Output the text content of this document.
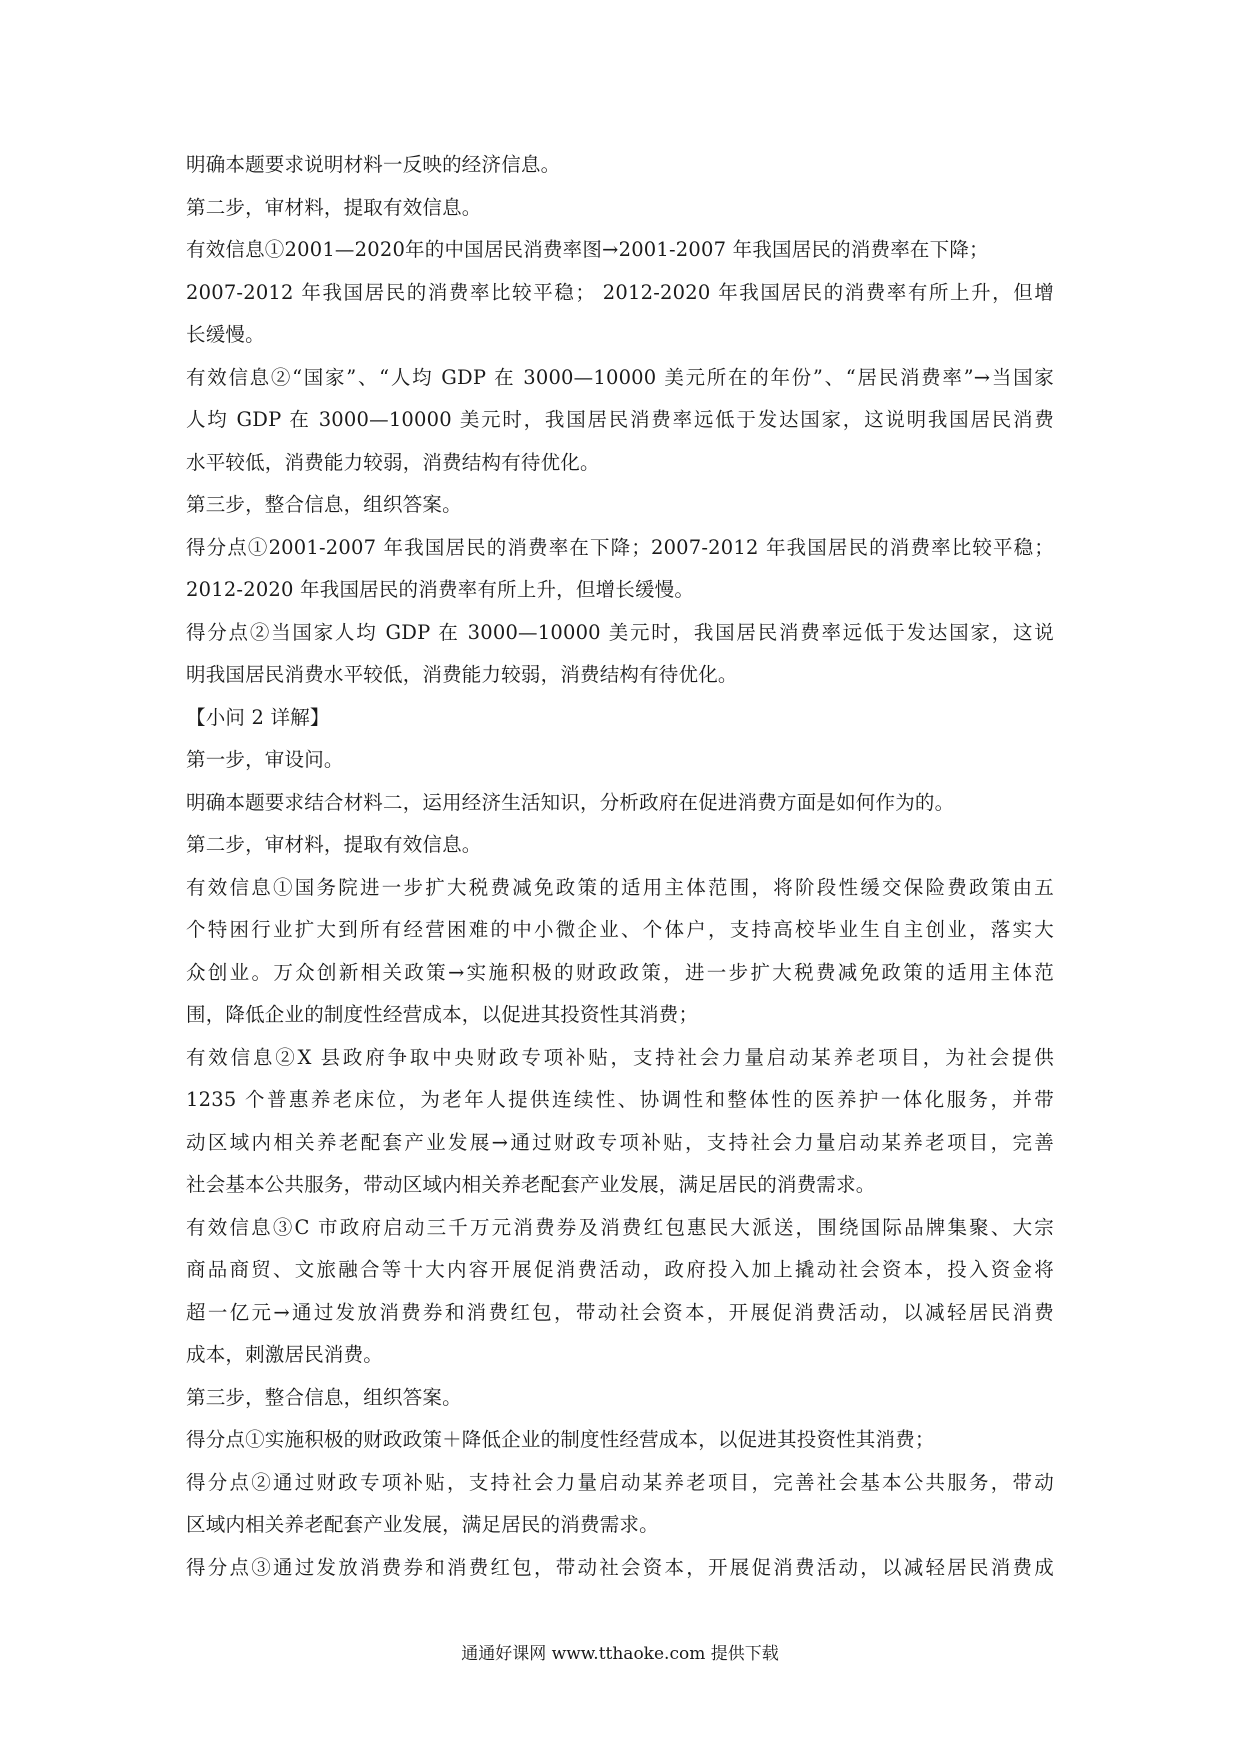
明确本题要求说明材料一反映的经济信息。
第二步，审材料，提取有效信息。
有效信息①2001—2020年的中国居民消费率图→2001-2007 年我国居民的消费率在下降；
2007-2012 年我国居民的消费率比较平稳； 2012-2020 年我国居民的消费率有所上升，但增
长缓慢。
有效信息②“国家”、“人均 GDP 在 3000—10000 美元所在的年份”、“居民消费率”→当国家
人均 GDP 在 3000—10000 美元时，我国居民消费率远低于发达国家，这说明我国居民消费
水平较低，消费能力较弱，消费结构有待优化。
第三步，整合信息，组织答案。
得分点①2001-2007 年我国居民的消费率在下降；2007-2012 年我国居民的消费率比较平稳；
2012-2020 年我国居民的消费率有所上升，但增长缓慢。
得分点②当国家人均 GDP 在 3000—10000 美元时，我国居民消费率远低于发达国家，这说
明我国居民消费水平较低，消费能力较弱，消费结构有待优化。
【小问 2 详解】
第一步，审设问。
明确本题要求结合材料二，运用经济生活知识，分析政府在促进消费方面是如何作为的。
第二步，审材料，提取有效信息。
有效信息①国务院进一步扩大税费减免政策的适用主体范围，将阶段性缓交保险费政策由五
个特困行业扩大到所有经营困难的中小微企业、个体户，支持高校毕业生自主创业，落实大
众创业。万众创新相关政策→实施积极的财政政策，进一步扩大税费减免政策的适用主体范
围，降低企业的制度性经营成本，以促进其投资性其消费；
有效信息②X 县政府争取中央财政专项补贴，支持社会力量启动某养老项目，为社会提供
1235 个普惠养老床位，为老年人提供连续性、协调性和整体性的医养护一体化服务，并带
动区域内相关养老配套产业发展→通过财政专项补贴，支持社会力量启动某养老项目，完善
社会基本公共服务，带动区域内相关养老配套产业发展，满足居民的消费需求。
有效信息③C 市政府启动三千万元消费券及消费红包惠民大派送，围绕国际品牌集聚、大宗
商品商贸、文旅融合等十大内容开展促消费活动，政府投入加上撬动社会资本，投入资金将
超一亿元→通过发放消费券和消费红包，带动社会资本，开展促消费活动，以减轻居民消费
成本，刺激居民消费。
第三步，整合信息，组织答案。
得分点①实施积极的财政政策＋降低企业的制度性经营成本，以促进其投资性其消费；
得分点②通过财政专项补贴，支持社会力量启动某养老项目，完善社会基本公共服务，带动
区域内相关养老配套产业发展，满足居民的消费需求。
得分点③通过发放消费券和消费红包，带动社会资本，开展促消费活动，以减轻居民消费成
通通好课网 www.tthaoke.com 提供下载
